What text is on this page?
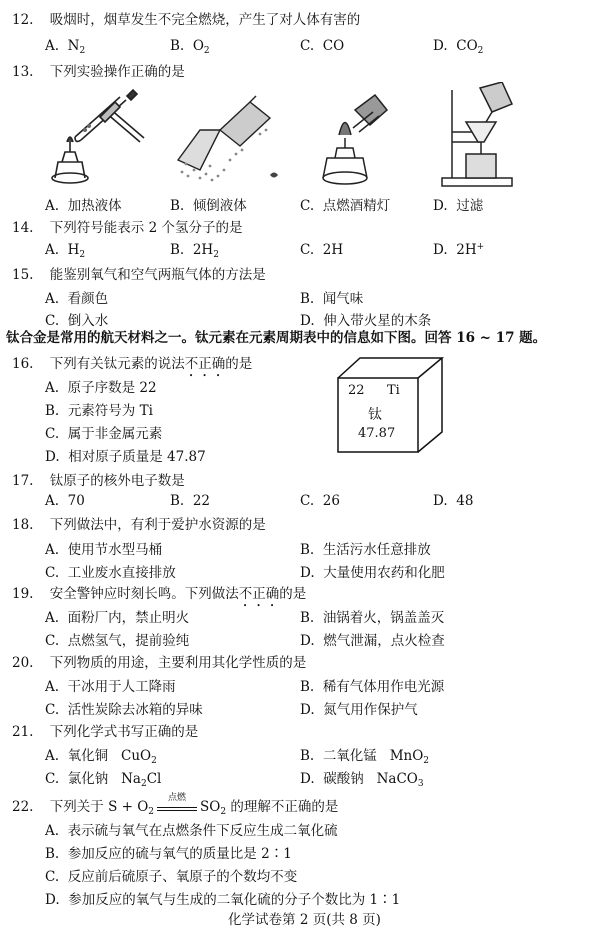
12. 吸烟时，烟草发生不完全燃烧，产生了对人体有害的
A. $N_2$	B. $O_2$	C. CO	D. $CO_2$
13. 下列实验操作正确的是
A. 加热液体	B. 倾倒液体	C. 点燃酒精灯	D. 过滤
14. 下列符号能表示 2 个氢分子的是
A. $H_2$	B. $2H_2$	C. 2H	D. 2H+
15. 能鉴别氧气和空气两瓶气体的方法是
A. 看颜色	B. 闻气味
C. 倒入水	D. 伸入带火星的木条
钛合金是常用的航天材料之一。钛元素在元素周期表中的信息如下图。回答 16 ~ 17 题。
22 Ti
钛
47.87
16. 下列有关钛元素的说法不正确的是
A. 原子序数是 22
B. 元素符号为 Ti
C. 属于非金属元素
D. 相对原子质量是 47.87
17. 钛原子的核外电子数是
A. 70	B. 22	C. 26	D. 48
18. 下列做法中，有利于爱护水资源的是
A. 使用节水型马桶	B. 生活污水任意排放
C. 工业废水直接排放	D. 大量使用农药和化肥
19. 安全警钟应时刻长鸣。下列做法不正确的是
A. 面粉厂内，禁止明火	B. 油锅着火，锅盖盖灭
C. 点燃氢气，提前验纯	D. 燃气泄漏，点火检查
20. 下列物质的用途，主要利用其化学性质的是
A. 干冰用于人工降雨	B. 稀有气体用作电光源
C. 活性炭除去冰箱的异味	D. 氮气用作保护气
21. 下列化学式书写正确的是
A. 氧化铜 CuO$_2$	B. 二氧化锰 MnO$_2$
C. 氯化钠 $Na_2Cl$	D. 碳酸钠 NaCO$_3$
22. 下列关于 $S + O_2$
点燃
$SO_2$ 的理解不正确的是
A. 表示硫与氧气在点燃条件下反应生成二氧化硫
B. 参加反应的硫与氧气的质量比是 2∶1
C. 反应前后硫原子、氧原子的个数均不变
D. 参加反应的氧气与生成的二氧化硫的分子个数比为 1∶1
化学试卷第 2 页(共 8 页)
